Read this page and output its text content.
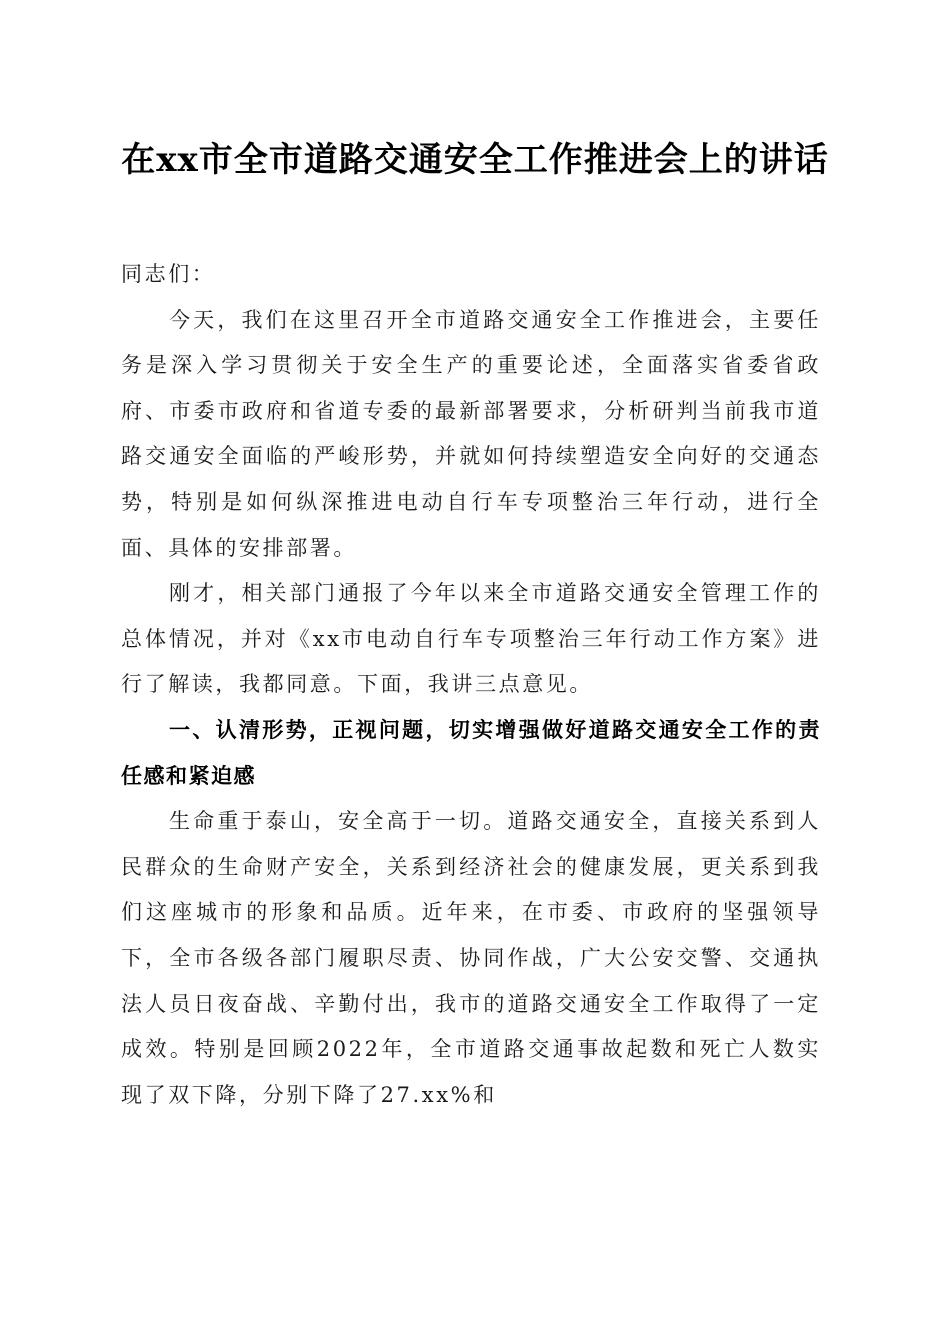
在xx市全市道路交通安全工作推进会上的讲话

同志们：

今天，我们在这里召开全市道路交通安全工作推进会，主要任务是深入学习贯彻关于安全生产的重要论述，全面落实省委省政府、市委市政府和省道专委的最新部署要求，分析研判当前我市道路交通安全面临的严峻形势，并就如何持续塑造安全向好的交通态势，特别是如何纵深推进电动自行车专项整治三年行动，进行全面、具体的安排部署。

刚才，相关部门通报了今年以来全市道路交通安全管理工作的总体情况，并对《xx市电动自行车专项整治三年行动工作方案》进行了解读，我都同意。下面，我讲三点意见。

一、认清形势，正视问题，切实增强做好道路交通安全工作的责任感和紧迫感

生命重于泰山，安全高于一切。道路交通安全，直接关系到人民群众的生命财产安全，关系到经济社会的健康发展，更关系到我们这座城市的形象和品质。近年来，在市委、市政府的坚强领导下，全市各级各部门履职尽责、协同作战，广大公安交警、交通执法人员日夜奋战、辛勤付出，我市的道路交通安全工作取得了一定成效。特别是回顾2022年，全市道路交通事故起数和死亡人数实现了双下降，分别下降了27.xx%和
